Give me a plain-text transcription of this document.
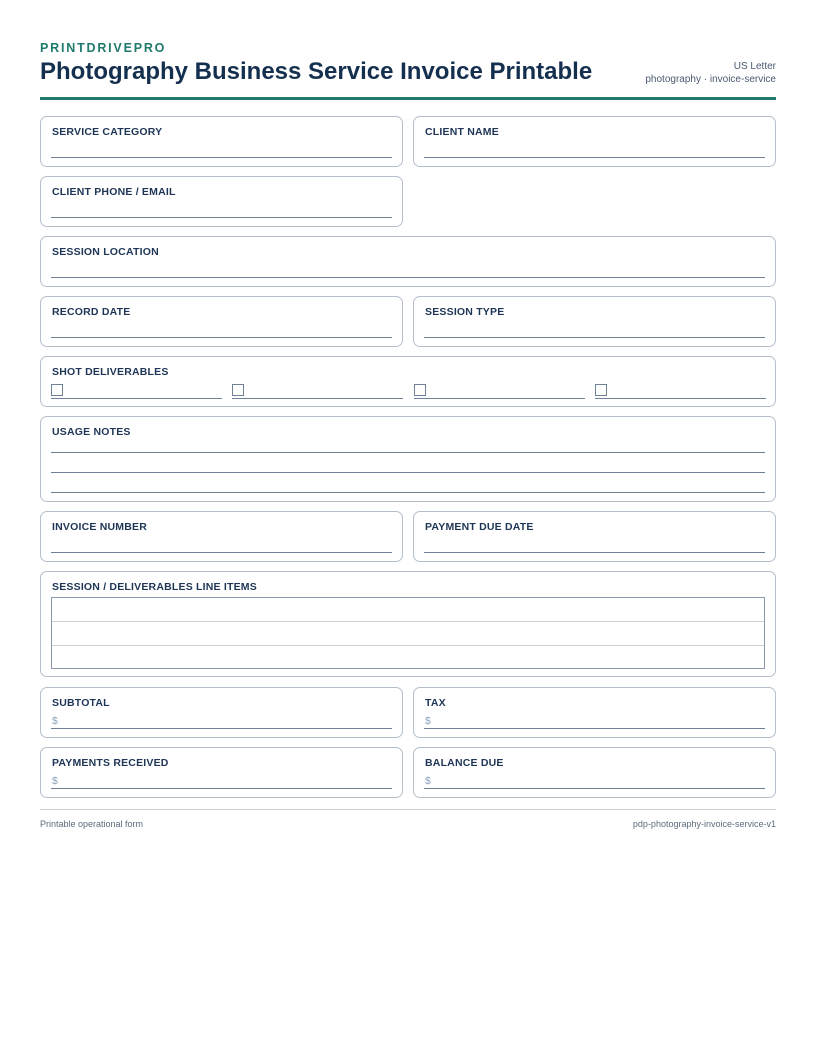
PRINTDRIVEPRO
Photography Business Service Invoice Printable	US Letter
photography · invoice-service
SERVICE CATEGORY	CLIENT NAME
CLIENT PHONE / EMAIL
SESSION LOCATION
RECORD DATE	SESSION TYPE
SHOT DELIVERABLES
USAGE NOTES
INVOICE NUMBER	PAYMENT DUE DATE
SESSION / DELIVERABLES LINE ITEMS
SUBTOTAL
$
TAX
$
PAYMENTS RECEIVED
$
BALANCE DUE
$
Printable operational form	pdp-photography-invoice-service-v1
